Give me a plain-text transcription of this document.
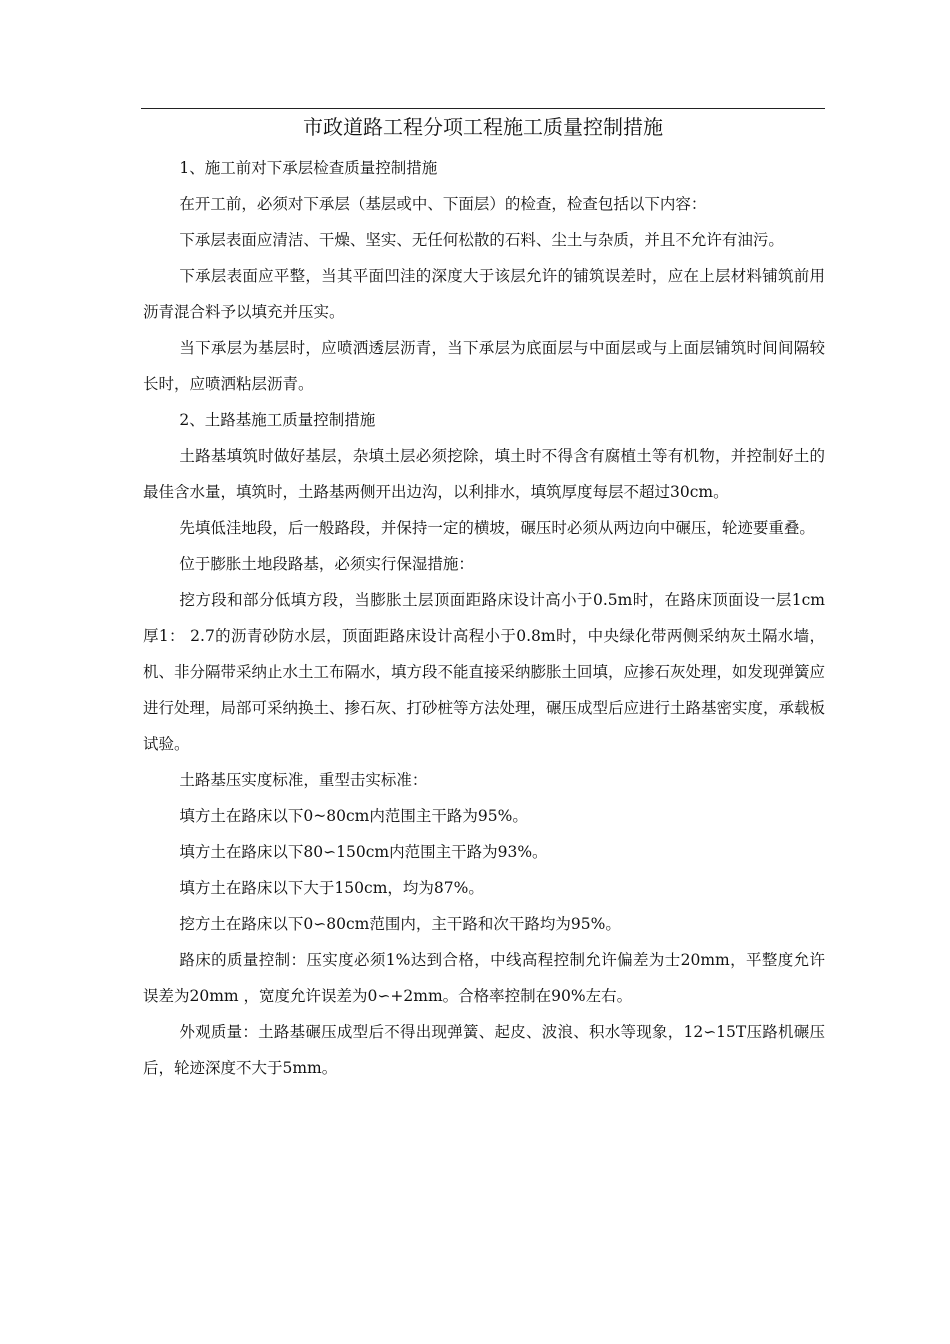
市政道路工程分项工程施工质量控制措施

1、施工前对下承层检查质量控制措施

在开工前，必须对下承层（基层或中、下面层）的检查，检查包括以下内容：

下承层表面应清洁、干燥、坚实、无任何松散的石料、尘土与杂质，并且不允许有油污。

下承层表面应平整，当其平面凹洼的深度大于该层允许的铺筑误差时，应在上层材料铺筑前用沥青混合料予以填充并压实。

当下承层为基层时，应喷洒透层沥青，当下承层为底面层与中面层或与上面层铺筑时间间隔较长时，应喷洒粘层沥青。

2、土路基施工质量控制措施

土路基填筑时做好基层，杂填土层必须挖除，填土时不得含有腐植土等有机物，并控制好土的最佳含水量，填筑时，土路基两侧开出边沟，以利排水，填筑厚度每层不超过30cm。

先填低洼地段，后一般路段，并保持一定的横坡，碾压时必须从两边向中碾压，轮迹要重叠。

位于膨胀土地段路基，必须实行保湿措施：

挖方段和部分低填方段，当膨胀土层顶面距路床设计高小于0.5m时，在路床顶面设一层1cm厚1： 2.7的沥青砂防水层，顶面距路床设计高程小于0.8m时，中央绿化带两侧采纳灰土隔水墙，机、非分隔带采纳止水土工布隔水，填方段不能直接采纳膨胀土回填，应掺石灰处理，如发现弹簧应进行处理，局部可采纳换土、掺石灰、打砂桩等方法处理，碾压成型后应进行土路基密实度，承载板试验。

土路基压实度标准，重型击实标准：

填方土在路床以下0~80cm内范围主干路为95%。

填方土在路床以下80∽150cm内范围主干路为93%。

填方土在路床以下大于150cm，均为87%。

挖方土在路床以下0∽80cm范围内，主干路和次干路均为95%。

路床的质量控制：压实度必须1%达到合格，中线高程控制允许偏差为士20mm，平整度允许误差为20mm ，宽度允许误差为0∽+2mm。合格率控制在90%左右。

外观质量：土路基碾压成型后不得出现弹簧、起皮、波浪、积水等现象，12∽15T压路机碾压后，轮迹深度不大于5mm。
